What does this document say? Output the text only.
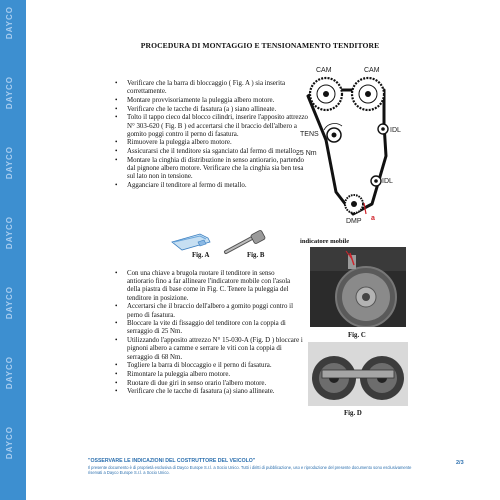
DAYCO
DAYCO
DAYCO
DAYCO
DAYCO
DAYCO
DAYCO
PROCEDURA DI MONTAGGIO E TENSIONAMENTO TENDITORE
• Verificare che la barra di bloccaggio ( Fig. A ) sia inserita correttamente.
• Montare provvisoriamente la puleggia albero motore.
• Verificare che le tacche di fasatura (a ) siano allineate.
• Tolto il tappo cieco dal blocco cilindri, inserire l'apposito attrezzo N° 303-620 ( Fig. B ) ed accertarsi che il braccio dell'albero a gomito poggi contro il perno di fasatura.
• Rimuovere la puleggia albero motore.
• Assicurarsi che il tenditore sia sganciato dal fermo di metallo.
• Montare la cinghia di distribuzione in senso antiorario, partendo dal pignone albero motore. Verificare che la cinghia sia ben tesa sul lato non in tensione.
• Agganciare il tenditore al fermo di metallo.
CAM	CAM
TENS
25 Nm
IDL
IDL
DMP a
Fig. A	Fig. B
indicatore mobile
Fig. C
• Con una chiave a brugola ruotare il tenditore in senso antiorario fino a far allineare l'indicatore mobile con l'asola della piastra di base come in Fig. C. Tenere la puleggia del tenditore in posizione.
• Accertarsi che il braccio dell'albero a gomito poggi contro il perno di fasatura.
• Bloccare la vite di fissaggio del tenditore con la coppia di serraggio di 25 Nm.
• Utilizzando l'apposito attrezzo N° 15-030-A (Fig. D ) bloccare i pignoni albero a camme e serrare le viti con la coppia di serraggio di 68 Nm.
• Togliere la barra di bloccaggio e il perno di fasatura.
• Rimontare la puleggia albero motore.
• Ruotare di due giri in senso orario l'albero motore.
• Verificare che le tacche di fasatura (a) siano allineate.
Fig. D
"OSSERVARE LE INDICAZIONI DEL COSTRUTTORE DEL VEICOLO"
Il presente documento è di proprietà esclusiva di Dayco Europe S.r.l. a Socio Unico. Tutti i diritti di pubblicazione, uso e riproduzione del presente documento sono esclusivamente riservati a Dayco Europe S.r.l. a Socio Unico.
2/3
